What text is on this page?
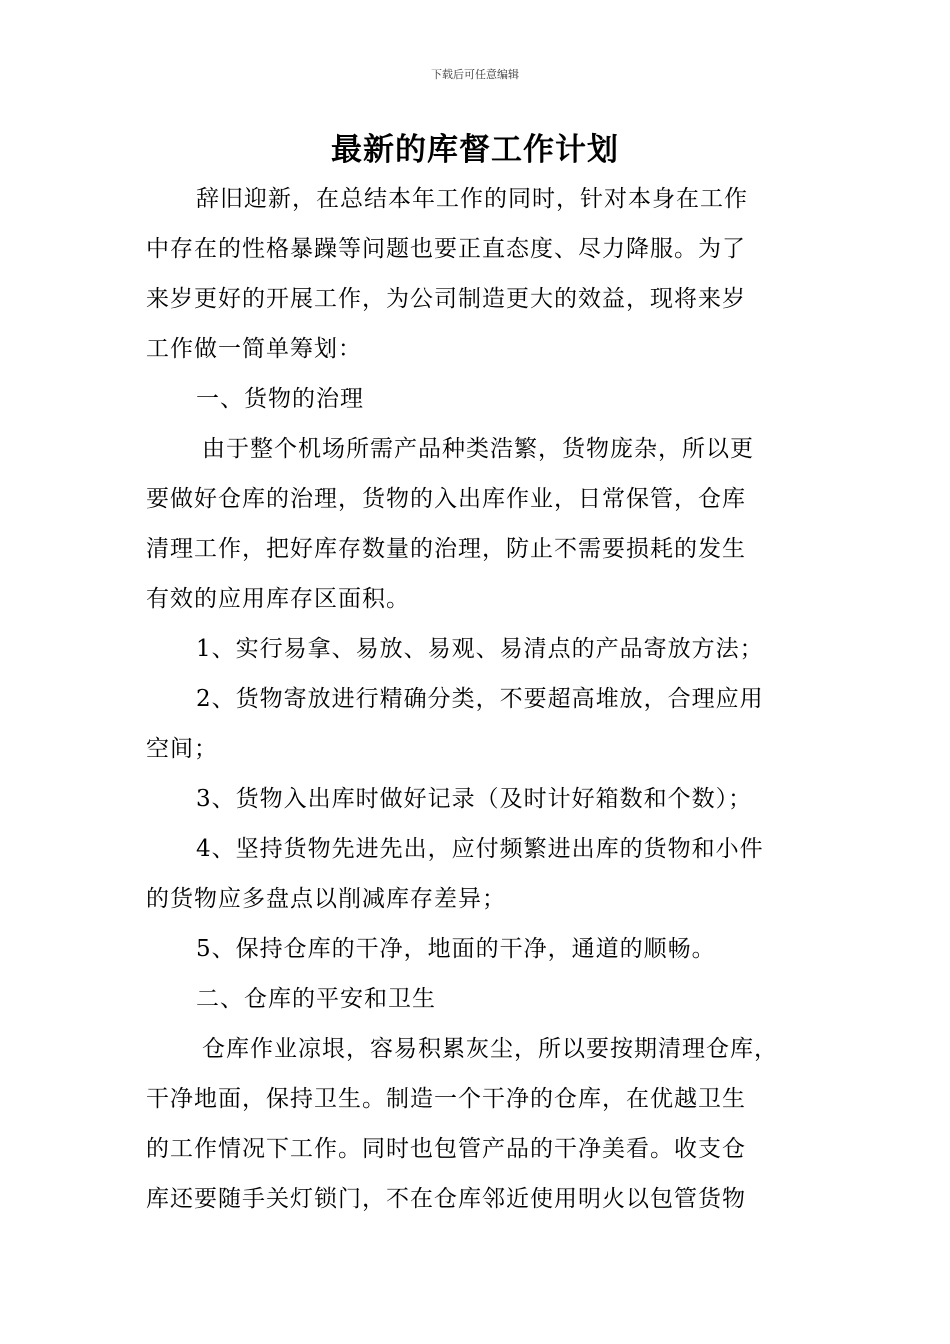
下载后可任意编辑
最新的库督工作计划

辞旧迎新，在总结本年工作的同时，针对本身在工作

中存在的性格暴躁等问题也要正直态度、尽力降服。为了

来岁更好的开展工作，为公司制造更大的效益，现将来岁

工作做一简单筹划：

一、货物的治理

由于整个机场所需产品种类浩繁，货物庞杂，所以更

要做好仓库的治理，货物的入出库作业，日常保管，仓库

清理工作，把好库存数量的治理，防止不需要损耗的发生

有效的应用库存区面积。

1、实行易拿、易放、易观、易清点的产品寄放方法；

2、货物寄放进行精确分类，不要超高堆放，合理应用

空间；

3、货物入出库时做好记录（及时计好箱数和个数）；

4、坚持货物先进先出，应付频繁进出库的货物和小件

的货物应多盘点以削减库存差异；

5、保持仓库的干净，地面的干净，通道的顺畅。

二、仓库的平安和卫生

仓库作业凉垠，容易积累灰尘，所以要按期清理仓库，

干净地面，保持卫生。制造一个干净的仓库，在优越卫生

的工作情况下工作。同时也包管产品的干净美看。收支仓

库还要随手关灯锁门，不在仓库邻近使用明火以包管货物
